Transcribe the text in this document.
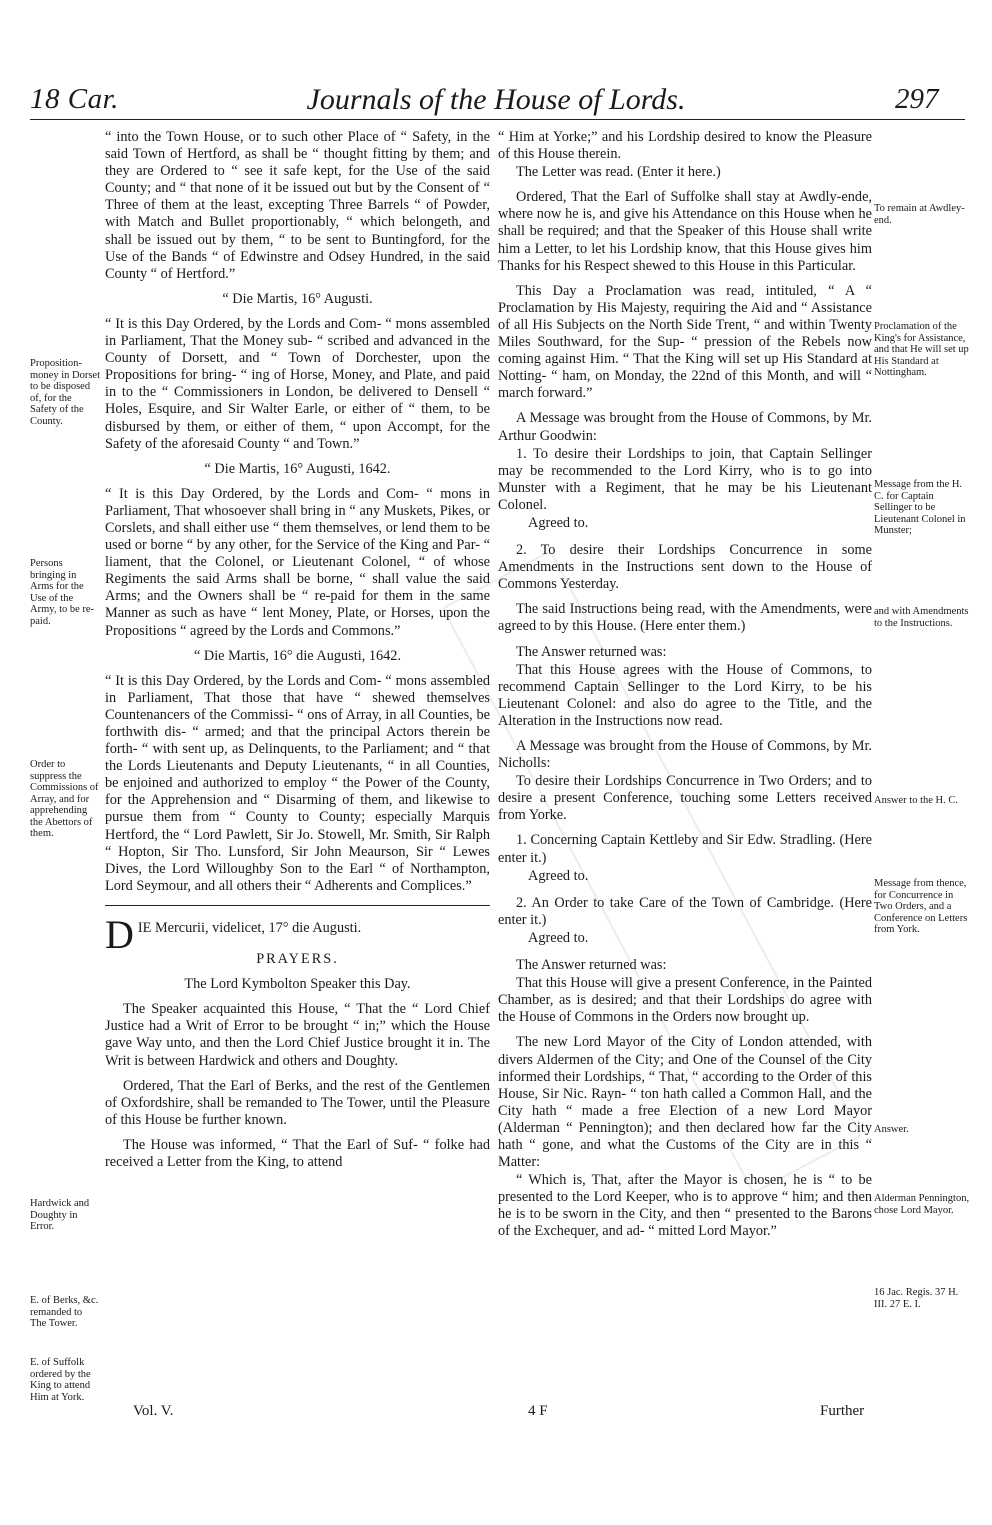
18 Car.	Journals of the House of Lords.	297
Proposition-money in Dorset to be disposed of, for the Safety of the County.
Persons bringing in Arms for the Use of the Army, to be re-paid.
Order to suppress the Commissions of Array, and for apprehending the Abettors of them.
Hardwick and Doughty in Error.
E. of Berks, &c. remanded to The Tower.
E. of Suffolk ordered by the King to attend Him at York.
To remain at Awdley-end.
Proclamation of the King's for Assistance, and that He will set up His Standard at Nottingham.
Message from the H. C. for Captain Sellinger to be Lieutenant Colonel in Munster;
and with Amendments to the Instructions.
Answer to the H. C.
Message from thence, for Concurrence in Two Orders, and a Conference on Letters from York.
Answer.
Alderman Pennington, chose Lord Mayor.
16 Jac. Regis. 37 H. III. 27 E. I.

“ into the Town House, or to such other Place of “ Safety, in the said Town of Hertford, as shall be “ thought fitting by them; and they are Ordered to “ see it safe kept, for the Use of the said County; and “ that none of it be issued out but by the Consent of “ Three of them at the least, excepting Three Barrels “ of Powder, with Match and Bullet proportionably, “ which belongeth, and shall be issued out by them, “ to be sent to Buntingford, for the Use of the Bands “ of Edwinstre and Odsey Hundred, in the said County “ of Hertford.”

“ Die Martis, 16° Augusti.

“ It is this Day Ordered, by the Lords and Com- “ mons assembled in Parliament, That the Money sub- “ scribed and advanced in the County of Dorsett, and “ Town of Dorchester, upon the Propositions for bring- “ ing of Horse, Money, and Plate, and paid in to the “ Commissioners in London, be delivered to Densell “ Holes, Esquire, and Sir Walter Earle, or either of “ them, to be disbursed by them, or either of them, “ upon Accompt, for the Safety of the aforesaid County “ and Town.”

“ Die Martis, 16° Augusti, 1642.

“ It is this Day Ordered, by the Lords and Com- “ mons in Parliament, That whosoever shall bring in “ any Muskets, Pikes, or Corslets, and shall either use “ them themselves, or lend them to be used or borne “ by any other, for the Service of the King and Par- “ liament, that the Colonel, or Lieutenant Colonel, “ of whose Regiments the said Arms shall be borne, “ shall value the said Arms; and the Owners shall be “ re-paid for them in the same Manner as such as have “ lent Money, Plate, or Horses, upon the Propositions “ agreed by the Lords and Commons.”

“ Die Martis, 16° die Augusti, 1642.

“ It is this Day Ordered, by the Lords and Com- “ mons assembled in Parliament, That those that have “ shewed themselves Countenancers of the Commissi- “ ons of Array, in all Counties, be forthwith dis- “ armed; and that the principal Actors therein be forth- “ with sent up, as Delinquents, to the Parliament; and “ that the Lords Lieutenants and Deputy Lieutenants, “ in all Counties, be enjoined and authorized to employ “ the Power of the County, for the Apprehension and “ Disarming of them, and likewise to pursue them from “ County to County; especially Marquis Hertford, the “ Lord Pawlett, Sir Jo. Stowell, Mr. Smith, Sir Ralph “ Hopton, Sir Tho. Lunsford, Sir John Meaurson, Sir “ Lewes Dives, the Lord Willoughby Son to the Earl “ of Northampton, Lord Seymour, and all others their “ Adherents and Complices.”

D IE Mercurii, videlicet, 17° die Augusti.

PRAYERS.

The Lord Kymbolton Speaker this Day.

The Speaker acquainted this House, “ That the “ Lord Chief Justice had a Writ of Error to be brought “ in;” which the House gave Way unto, and then the Lord Chief Justice brought it in. The Writ is between Hardwick and others and Doughty.

Ordered, That the Earl of Berks, and the rest of the Gentlemen of Oxfordshire, shall be remanded to The Tower, until the Pleasure of this House be further known.

The House was informed, “ That the Earl of Suf- “ folke had received a Letter from the King, to attend

“ Him at Yorke;” and his Lordship desired to know the Pleasure of this House therein.

The Letter was read. (Enter it here.)

Ordered, That the Earl of Suffolke shall stay at Awdly-ende, where now he is, and give his Attendance on this House when he shall be required; and that the Speaker of this House shall write him a Letter, to let his Lordship know, that this House gives him Thanks for his Respect shewed to this House in this Particular.

This Day a Proclamation was read, intituled, “ A “ Proclamation by His Majesty, requiring the Aid and “ Assistance of all His Subjects on the North Side Trent, “ and within Twenty Miles Southward, for the Sup- “ pression of the Rebels now coming against Him. “ That the King will set up His Standard at Notting- “ ham, on Monday, the 22nd of this Month, and will “ march forward.”

A Message was brought from the House of Commons, by Mr. Arthur Goodwin:

1. To desire their Lordships to join, that Captain Sellinger may be recommended to the Lord Kirry, who is to go into Munster with a Regiment, that he may be his Lieutenant Colonel.

Agreed to.

2. To desire their Lordships Concurrence in some Amendments in the Instructions sent down to the House of Commons Yesterday.

The said Instructions being read, with the Amendments, were agreed to by this House. (Here enter them.)

The Answer returned was:

That this House agrees with the House of Commons, to recommend Captain Sellinger to the Lord Kirry, to be his Lieutenant Colonel: and also do agree to the Title, and the Alteration in the Instructions now read.

A Message was brought from the House of Commons, by Mr. Nicholls:

To desire their Lordships Concurrence in Two Orders; and to desire a present Conference, touching some Letters received from Yorke.

1. Concerning Captain Kettleby and Sir Edw. Stradling. (Here enter it.)

Agreed to.

2. An Order to take Care of the Town of Cambridge. (Here enter it.)

Agreed to.

The Answer returned was:

That this House will give a present Conference, in the Painted Chamber, as is desired; and that their Lordships do agree with the House of Commons in the Orders now brought up.

The new Lord Mayor of the City of London attended, with divers Aldermen of the City; and One of the Counsel of the City informed their Lordships, “ That, “ according to the Order of this House, Sir Nic. Rayn- “ ton hath called a Common Hall, and the City hath “ made a free Election of a new Lord Mayor (Alderman “ Pennington); and then declared how far the City hath “ gone, and what the Customs of the City are in this “ Matter:

“ Which is, That, after the Mayor is chosen, he is “ to be presented to the Lord Keeper, who is to approve “ him; and then he is to be sworn in the City, and then “ presented to the Barons of the Exchequer, and ad- “ mitted Lord Mayor.”

Vol. V.	4 F	Further
